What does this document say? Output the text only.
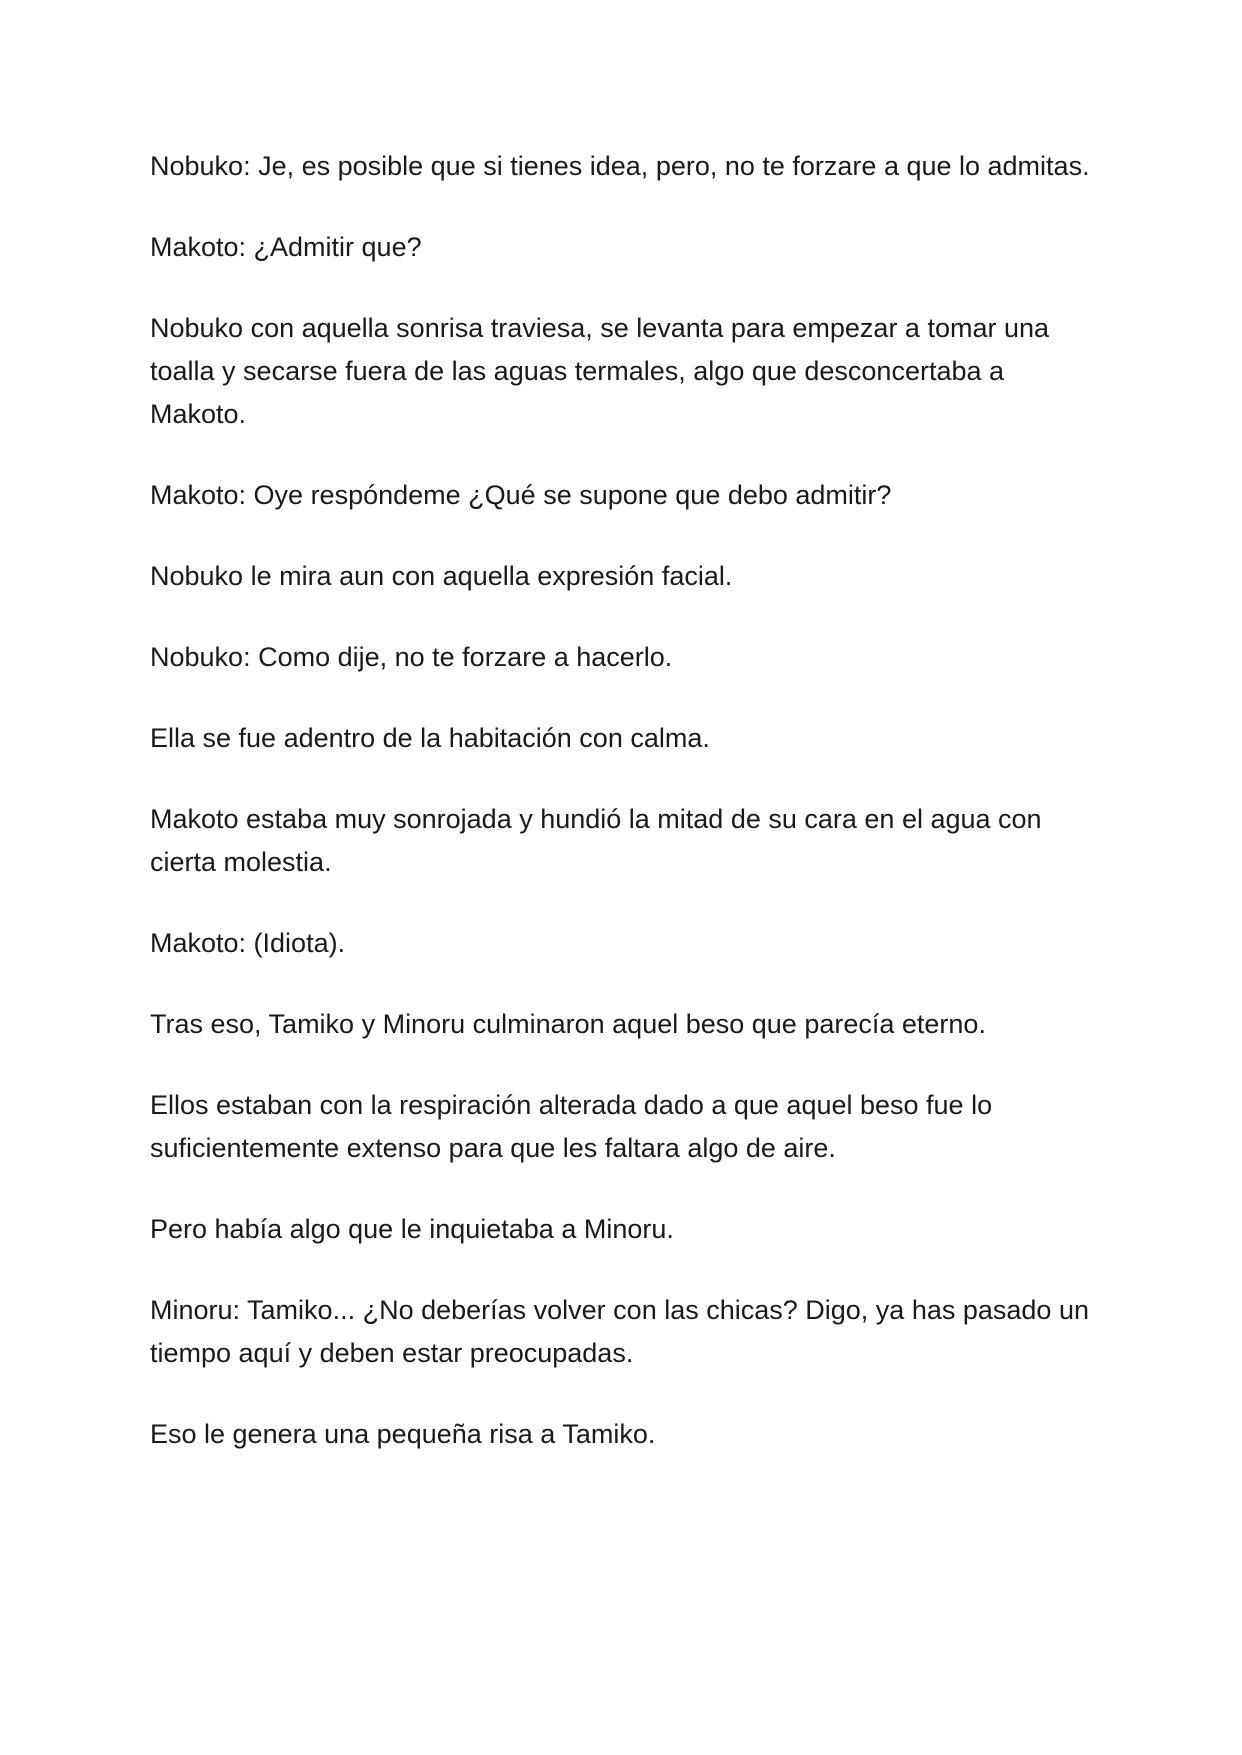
Nobuko: Je, es posible que si tienes idea, pero, no te forzare a que lo admitas.

Makoto: ¿Admitir que?

Nobuko con aquella sonrisa traviesa, se levanta para empezar a tomar una toalla y secarse fuera de las aguas termales, algo que desconcertaba a Makoto.

Makoto: Oye respóndeme ¿Qué se supone que debo admitir?

Nobuko le mira aun con aquella expresión facial.

Nobuko: Como dije, no te forzare a hacerlo.

Ella se fue adentro de la habitación con calma.

Makoto estaba muy sonrojada y hundió la mitad de su cara en el agua con cierta molestia.

Makoto: (Idiota).

Tras eso, Tamiko y Minoru culminaron aquel beso que parecía eterno.

Ellos estaban con la respiración alterada dado a que aquel beso fue lo suficientemente extenso para que les faltara algo de aire.

Pero había algo que le inquietaba a Minoru.

Minoru: Tamiko... ¿No deberías volver con las chicas? Digo, ya has pasado un tiempo aquí y deben estar preocupadas.

Eso le genera una pequeña risa a Tamiko.
